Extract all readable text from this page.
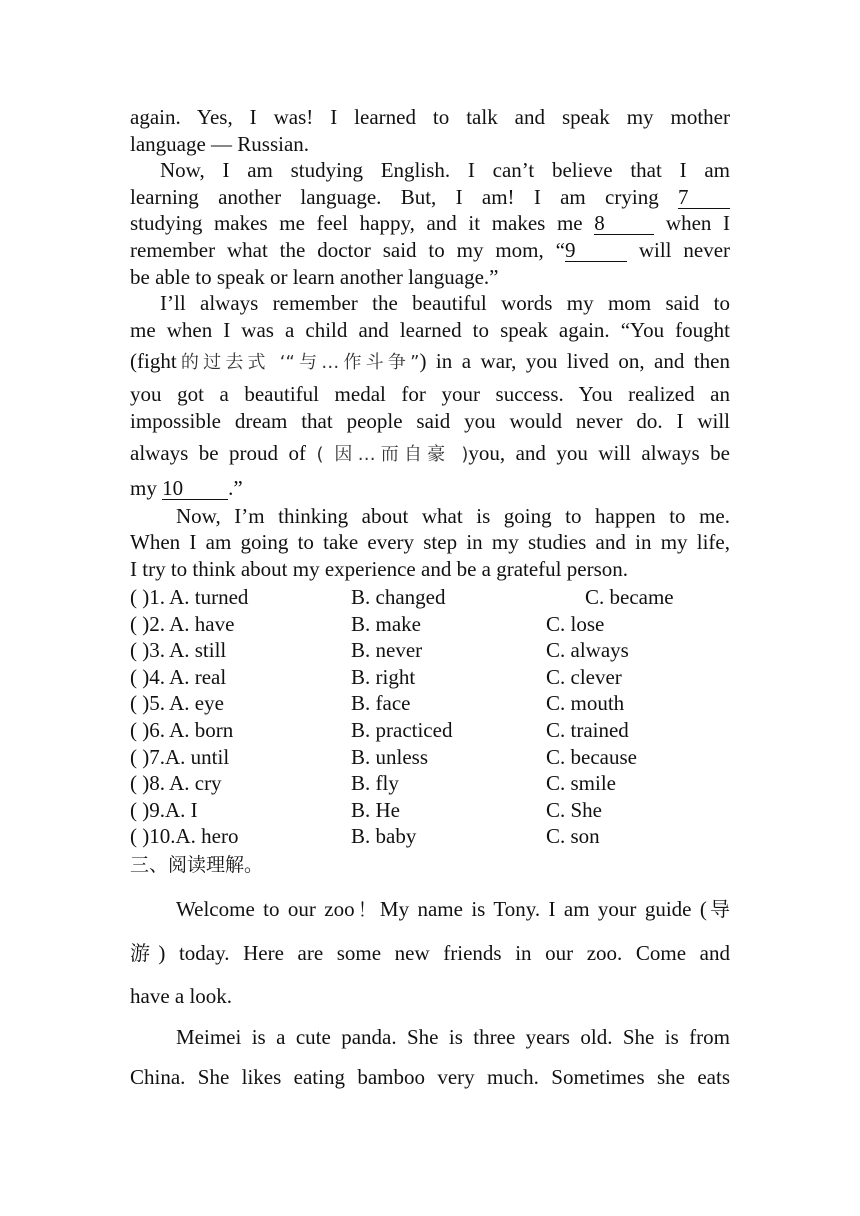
again. Yes, I was! I learned to talk and speak my mother

language — Russian.

Now, I am studying English. I can’t believe that I am

learning another language. But, I am! I am crying 7

studying makes me feel happy, and it makes me 8	when I

remember what the doctor said to my mom, “9	will never

be able to speak or learn another language.”

I’ll always remember the beautiful words my mom said to

me when I was a child and learned to speak again. “You fought

(fight的过去式 ‘“与…作斗争”) in a war, you lived on, and then

you got a beautiful medal for your success. You realized an

impossible dream that people said you would never do. I will

always be proud of ( 因…而自豪 )you, and you will always be

my 10 .”

Now, I’m thinking about what is going to happen to me.

When I am going to take every step in my studies and in my life,

I try to think about my experience and be a grateful person.

( )1. A. turned	B. changed	C. became
( )2. A. have	B. make	C. lose
( )3. A. still	B. never	C. always
( )4. A. real	B. right	C. clever
( )5. A. eye	B. face	C. mouth
( )6. A. born	B. practiced	C. trained
( )7.A. until	B. unless	C. because
( )8. A. cry	B. fly	C. smile
( )9.A. I	B. He	C. She
( )10.A. hero	B. baby	C. son
三、阅读理解。

Welcome to our zoo！My name is Tony. I am your guide (导

游) today. Here are some new friends in our zoo. Come and

have a look.

Meimei is a cute panda. She is three years old. She is from

China. She likes eating bamboo very much. Sometimes she eats
